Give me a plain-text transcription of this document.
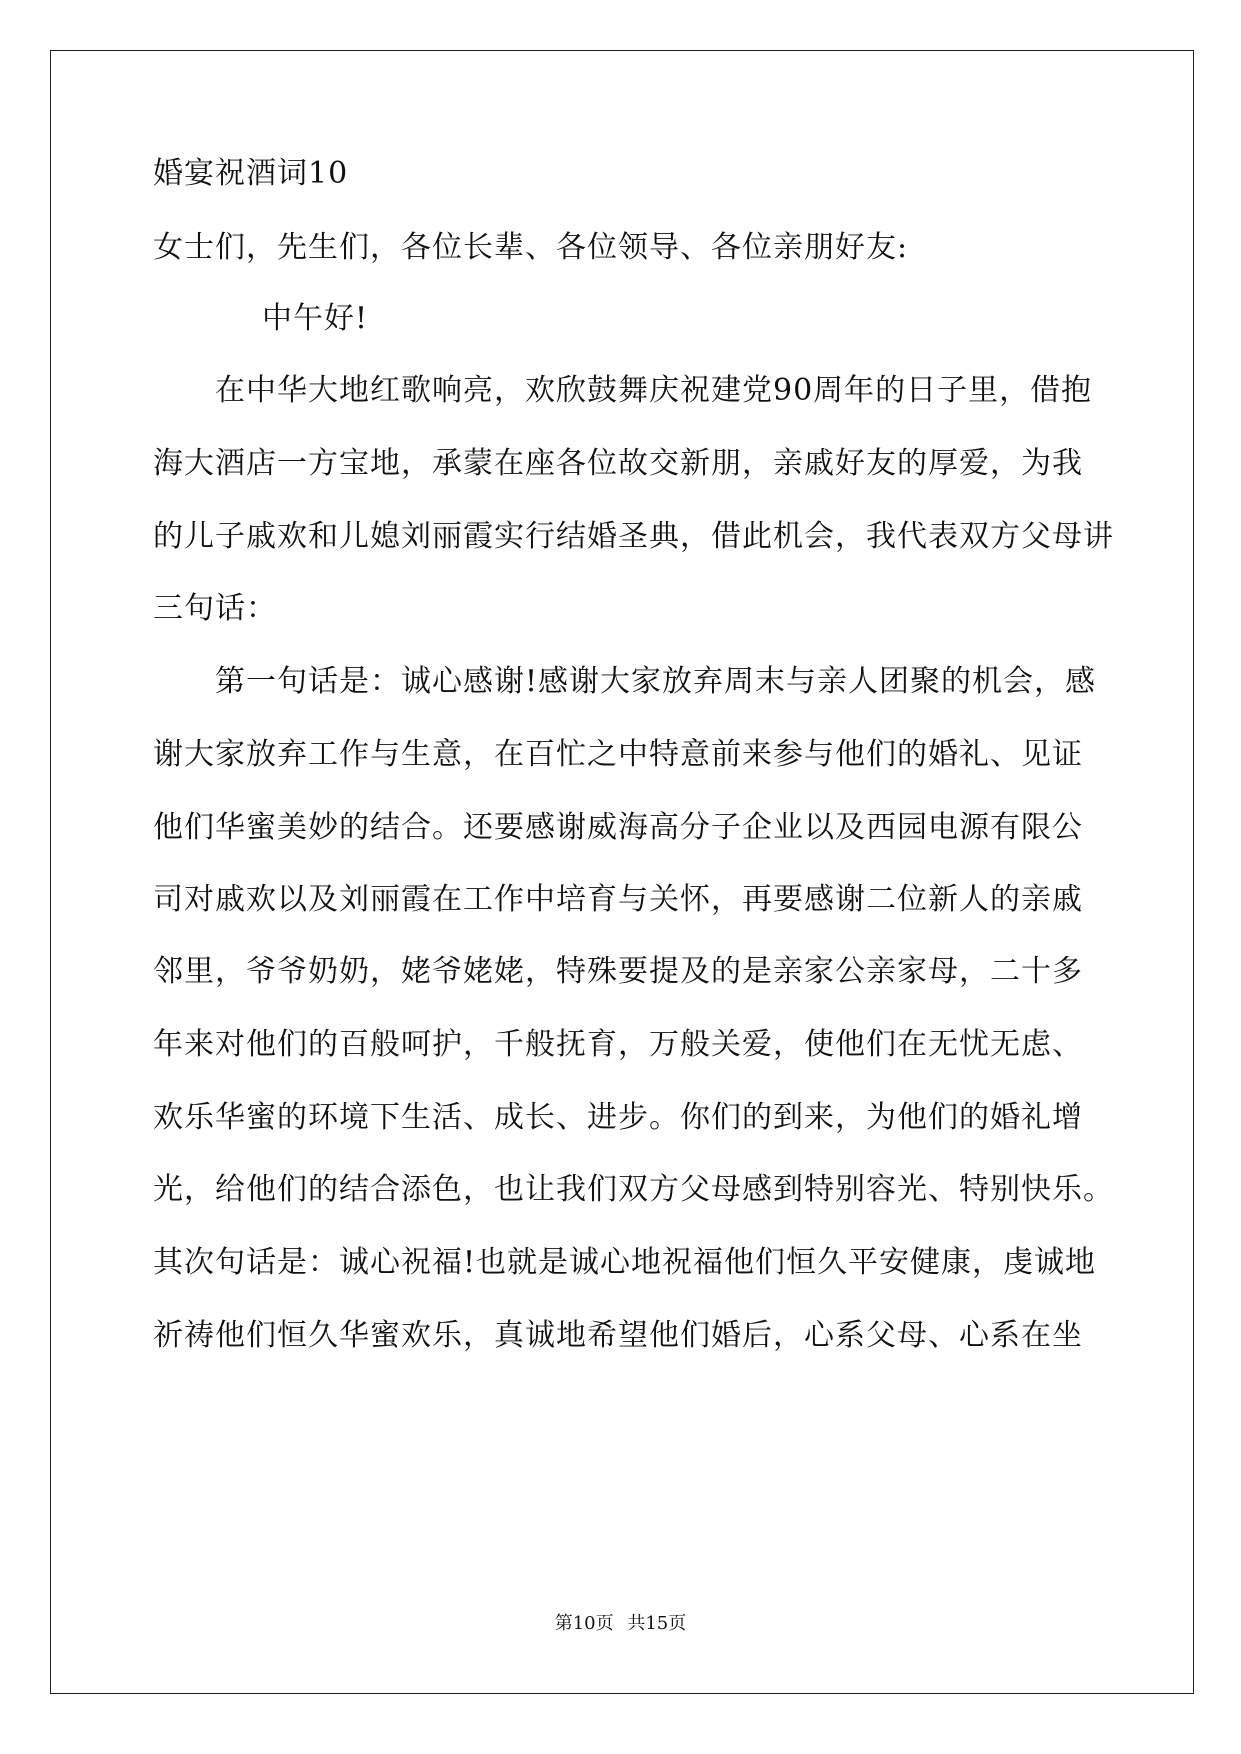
婚宴祝酒词10
女士们，先生们，各位长辈、各位领导、各位亲朋好友:
中午好!
在中华大地红歌响亮，欢欣鼓舞庆祝建党90周年的日子里，借抱
海大酒店一方宝地，承蒙在座各位故交新朋，亲戚好友的厚爱，为我
的儿子戚欢和儿媳刘丽霞实行结婚圣典，借此机会，我代表双方父母讲
三句话：
第一句话是：诚心感谢!感谢大家放弃周末与亲人团聚的机会，感
谢大家放弃工作与生意，在百忙之中特意前来参与他们的婚礼、见证
他们华蜜美妙的结合。还要感谢威海高分子企业以及西园电源有限公
司对戚欢以及刘丽霞在工作中培育与关怀，再要感谢二位新人的亲戚
邻里，爷爷奶奶，姥爷姥姥，特殊要提及的是亲家公亲家母，二十多
年来对他们的百般呵护，千般抚育，万般关爱，使他们在无忧无虑、
欢乐华蜜的环境下生活、成长、进步。你们的到来，为他们的婚礼增
光，给他们的结合添色，也让我们双方父母感到特别容光、特别快乐。
其次句话是：诚心祝福!也就是诚心地祝福他们恒久平安健康，虔诚地
祈祷他们恒久华蜜欢乐，真诚地希望他们婚后，心系父母、心系在坐
第10页 共15页
